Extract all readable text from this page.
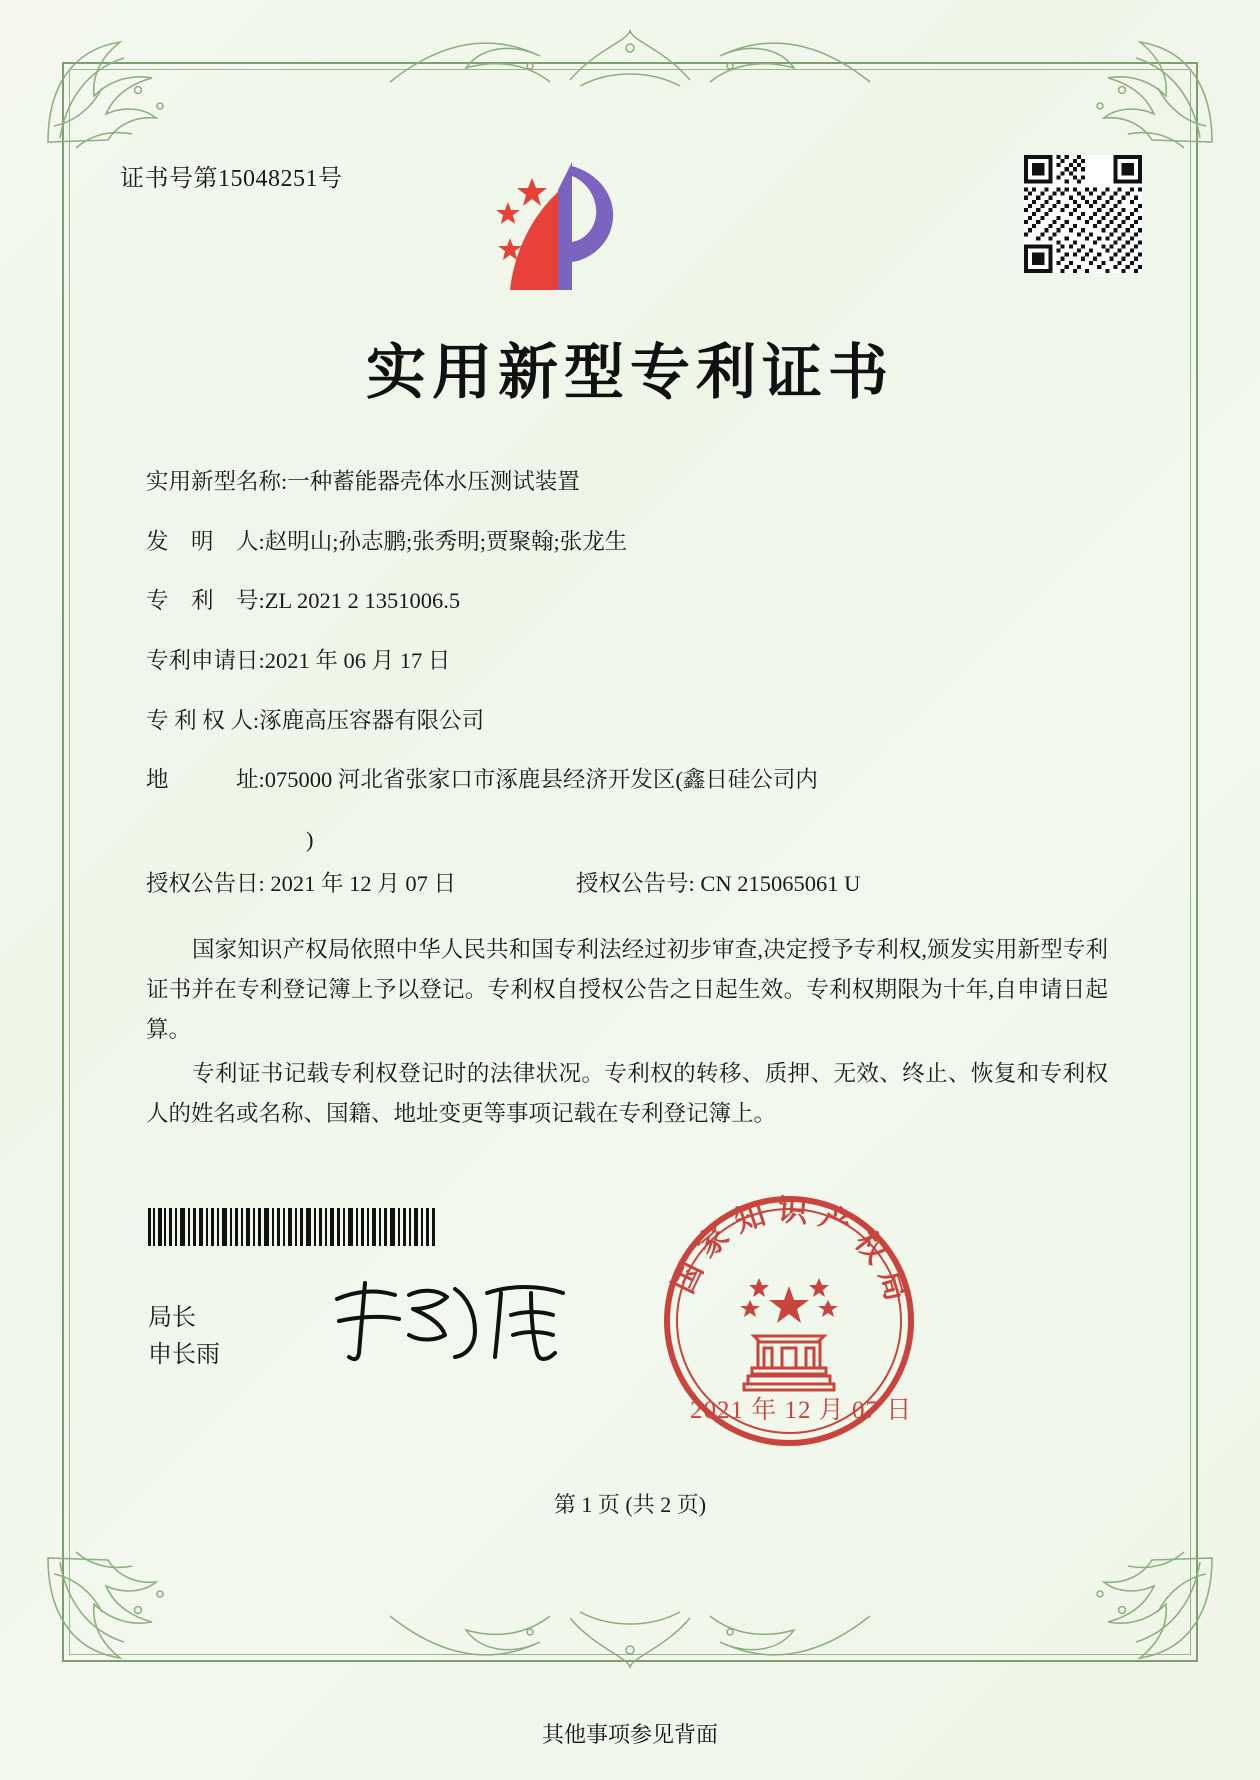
证书号第15048251号
实用新型专利证书
实用新型名称: 一种蓄能器壳体水压测试装置
发　明　人: 赵明山;孙志鹏;张秀明;贾聚翰;张龙生
专　利　号: ZL 2021 2 1351006.5
专利申请日: 2021 年 06 月 17 日
专 利 权 人: 涿鹿高压容器有限公司
地　　　址: 075000 河北省张家口市涿鹿县经济开发区(鑫日硅公司内
)
授权公告日: 2021 年 12 月 07 日	授权公告号: CN 215065061 U

国家知识产权局依照中华人民共和国专利法经过初步审查,决定授予专利权,颁发实用新型专利证书并在专利登记簿上予以登记。专利权自授权公告之日起生效。专利权期限为十年,自申请日起算。

专利证书记载专利权登记时的法律状况。专利权的转移、质押、无效、终止、恢复和专利权人的姓名或名称、国籍、地址变更等事项记载在专利登记簿上。

局长
申长雨
国家知识产权局
2021 年 12 月 07 日
第 1 页 (共 2 页)
其他事项参见背面
